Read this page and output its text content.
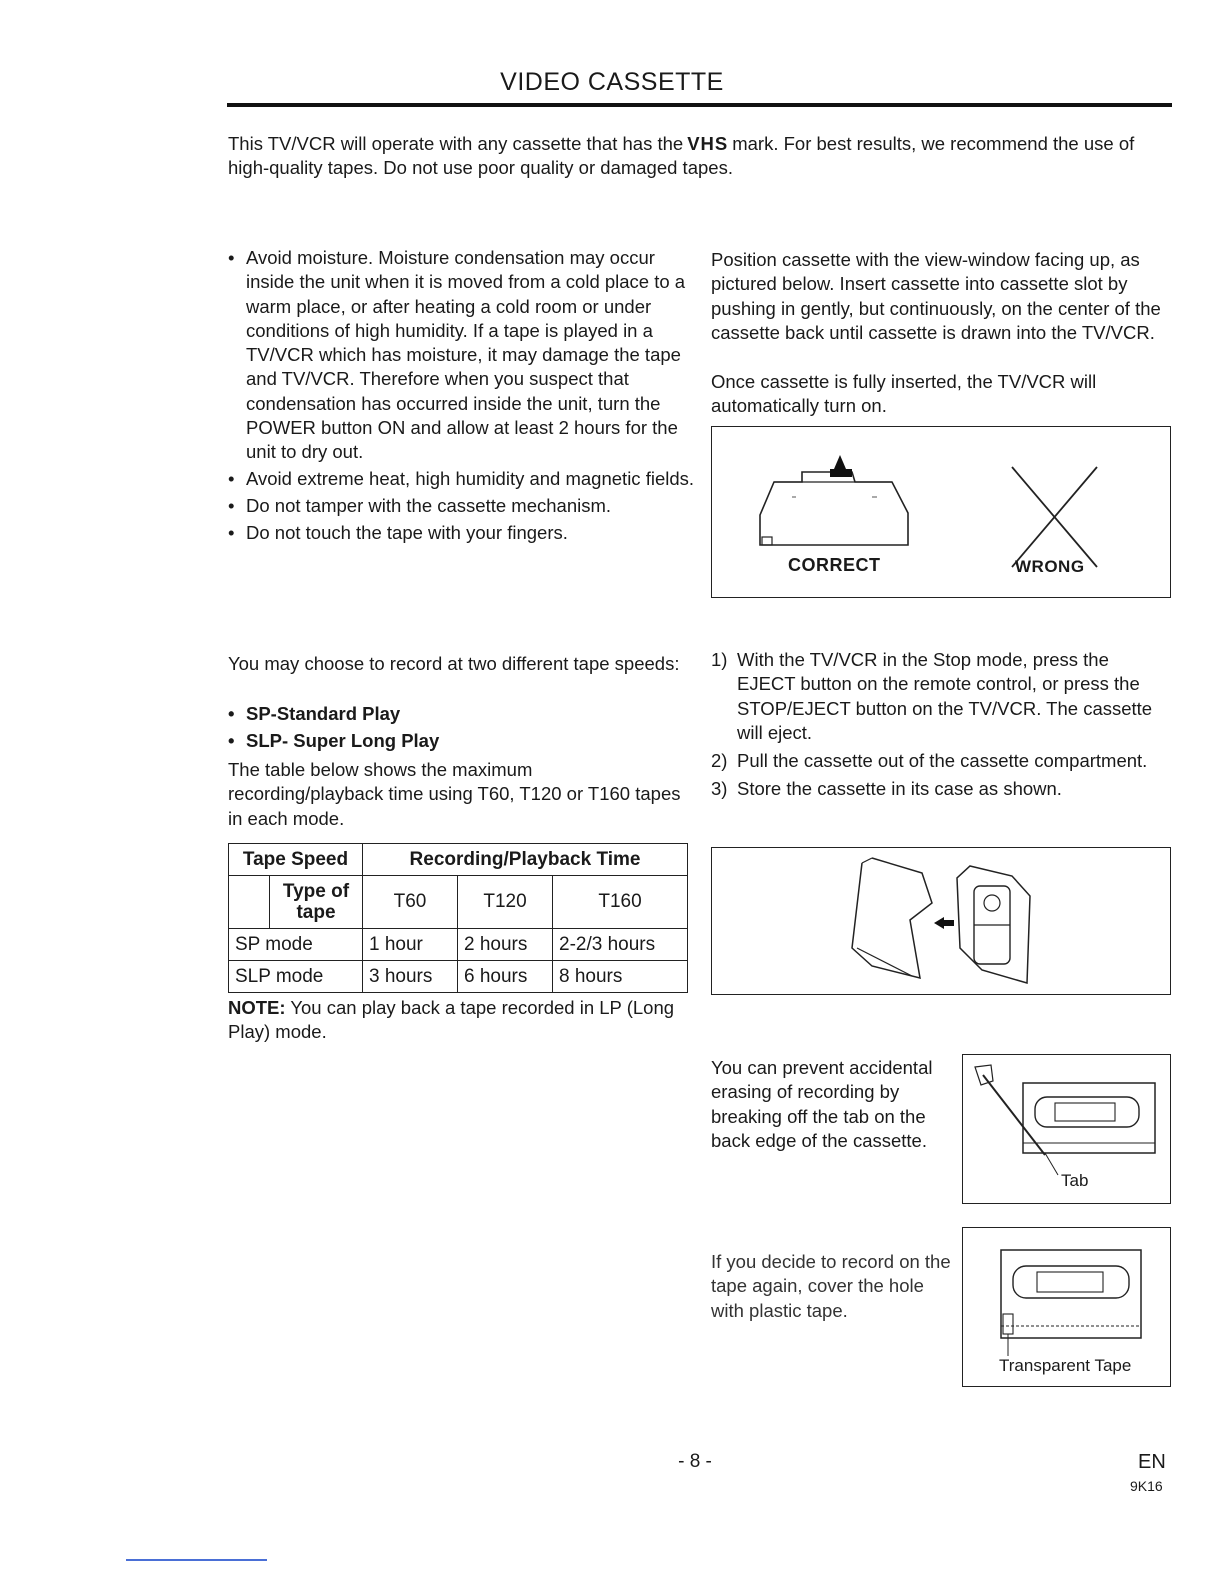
VIDEO CASSETTE
This TV/VCR will operate with any cassette that has the VHS mark. For best results, we recommend the use of high-quality tapes. Do not use poor quality or damaged tapes.
• Avoid moisture. Moisture condensation may occur inside the unit when it is moved from a cold place to a warm place, or after heating a cold room or under conditions of high humidity. If a tape is played in a TV/VCR which has moisture, it may damage the tape and TV/VCR. Therefore when you suspect that condensation has occurred inside the unit, turn the POWER button ON and allow at least 2 hours for the unit to dry out.
• Avoid extreme heat, high humidity and magnetic fields.
• Do not tamper with the cassette mechanism.
• Do not touch the tape with your fingers.
Position cassette with the view-window facing up, as pictured below. Insert cassette into cassette slot by pushing in gently, but continuously, on the center of the cassette back until cassette is drawn into the TV/VCR.
Once cassette is fully inserted, the TV/VCR will automatically turn on.
CORRECT	WRONG
You may choose to record at two different tape speeds:
• SP-Standard Play
• SLP- Super Long Play
The table below shows the maximum recording/playback time using T60, T120 or T160 tapes in each mode.
Tape Speed		Recording/Playback Time		
	Type of tape	T60	T120	T160
SP mode		1 hour	2 hours	2-2/3 hours
SLP mode		3 hours	6 hours	8 hours
NOTE: You can play back a tape recorded in LP (Long Play) mode.
1) With the TV/VCR in the Stop mode, press the EJECT button on the remote control, or press the STOP/EJECT button on the TV/VCR. The cassette will eject.
2) Pull the cassette out of the cassette compartment.
3) Store the cassette in its case as shown.
You can prevent accidental erasing of recording by breaking off the tab on the back edge of the cassette.
Tab
If you decide to record on the tape again, cover the hole with plastic tape.
Transparent Tape
- 8 -	EN
9K16
